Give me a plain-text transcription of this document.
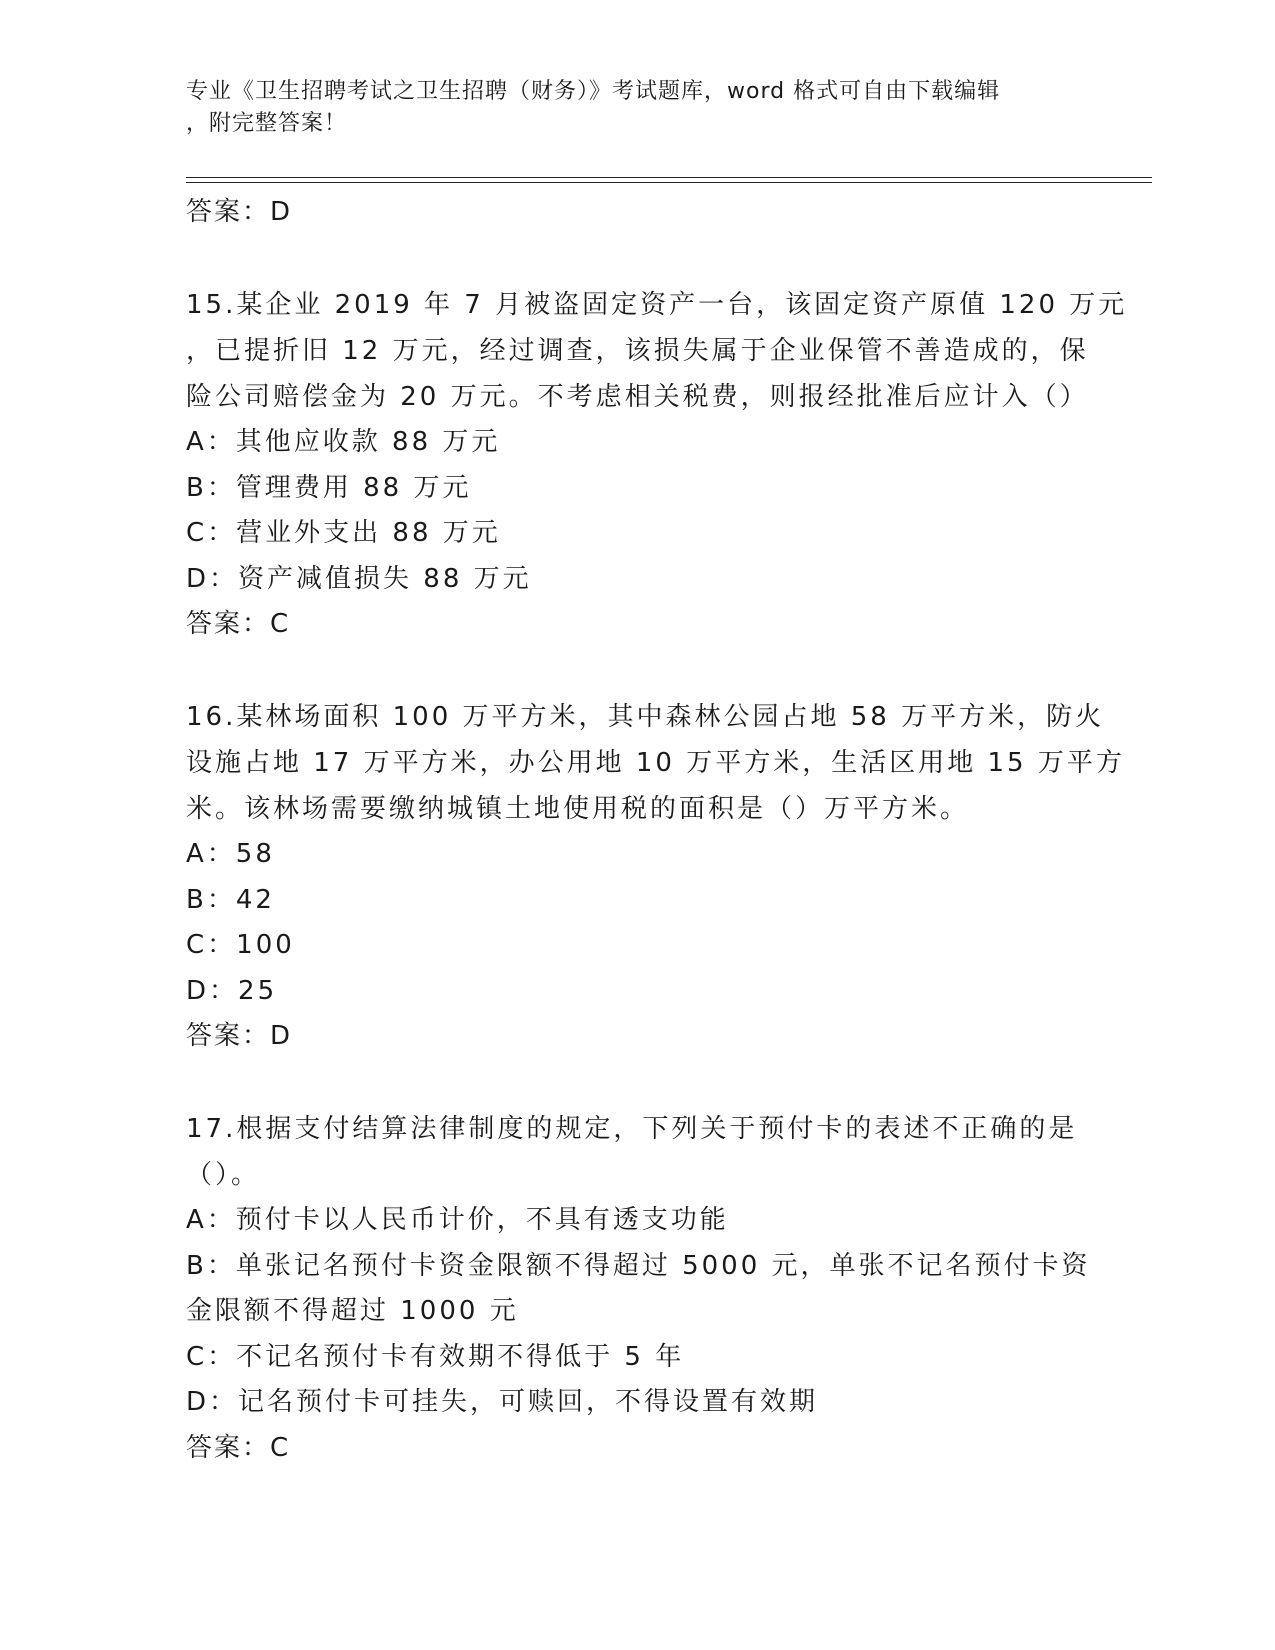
专业《卫生招聘考试之卫生招聘（财务）》考试题库，word 格式可自由下载编辑
，附完整答案！
答案：D
15.某企业 2019 年 7 月被盗固定资产一台，该固定资产原值 120 万元
，已提折旧 12 万元，经过调查，该损失属于企业保管不善造成的，保
险公司赔偿金为 20 万元。不考虑相关税费，则报经批准后应计入（）
A：其他应收款 88 万元
B：管理费用 88 万元
C：营业外支出 88 万元
D：资产减值损失 88 万元
答案：C
16.某林场面积 100 万平方米，其中森林公园占地 58 万平方米，防火
设施占地 17 万平方米，办公用地 10 万平方米，生活区用地 15 万平方
米。该林场需要缴纳城镇土地使用税的面积是（）万平方米。
A：58
B：42
C：100
D：25
答案：D
17.根据支付结算法律制度的规定，下列关于预付卡的表述不正确的是
（）。
A：预付卡以人民币计价，不具有透支功能
B：单张记名预付卡资金限额不得超过 5000 元，单张不记名预付卡资
金限额不得超过 1000 元
C：不记名预付卡有效期不得低于 5 年
D：记名预付卡可挂失，可赎回，不得设置有效期
答案：C
